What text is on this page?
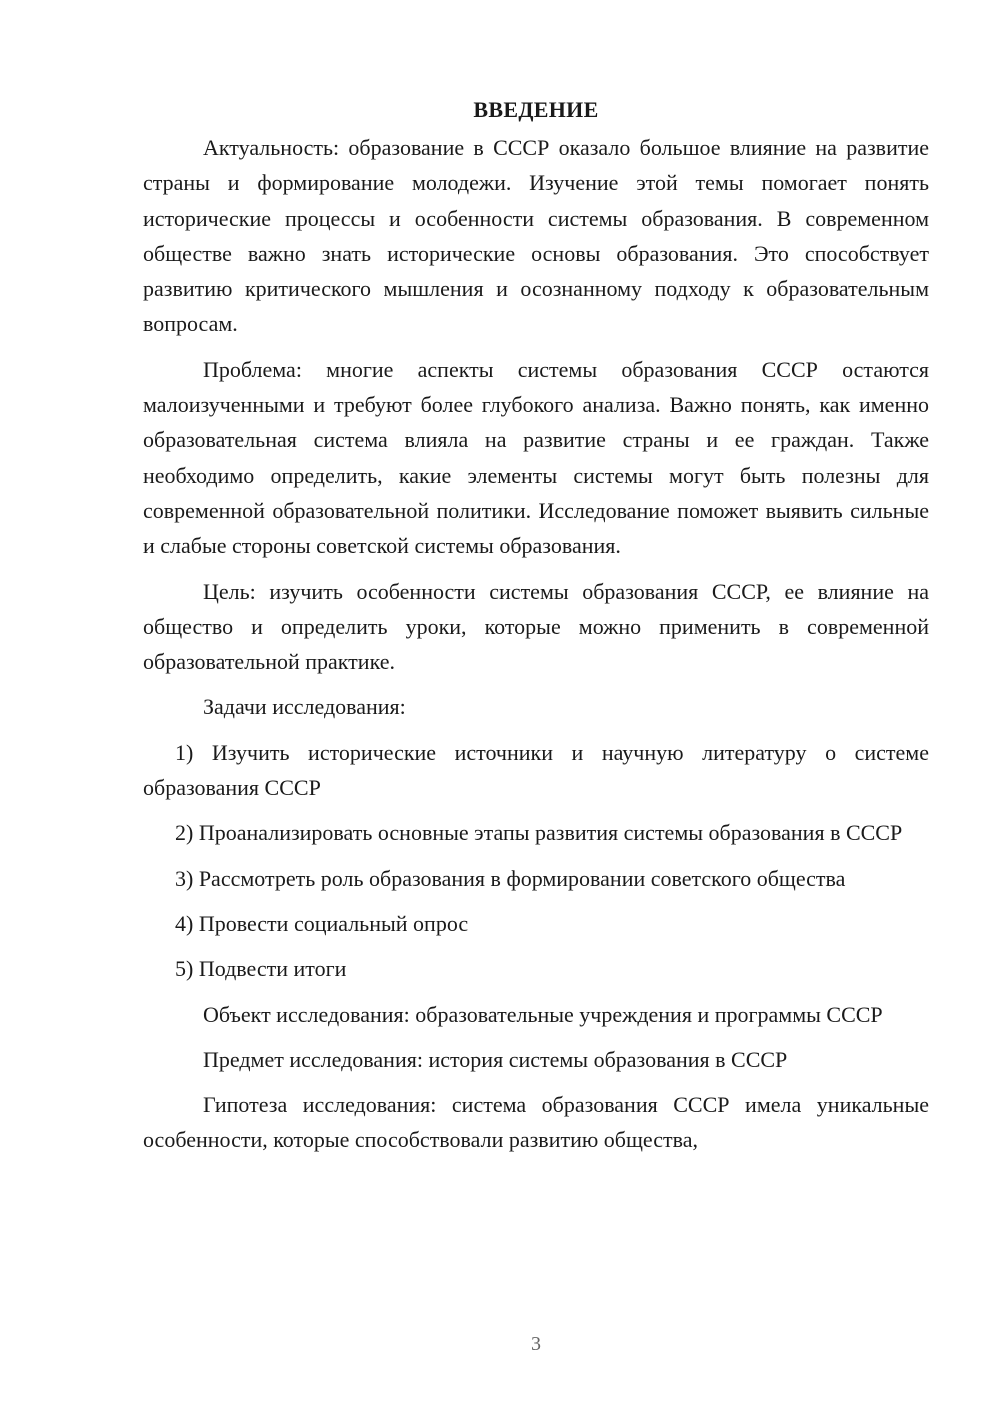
ВВЕДЕНИЕ

Актуальность: образование в СССР оказало большое влияние на развитие страны и формирование молодежи. Изучение этой темы помогает понять исторические процессы и особенности системы образования. В современном обществе важно знать исторические основы образования. Это способствует развитию критического мышления и осознанному подходу к образовательным вопросам.

Проблема: многие аспекты системы образования СССР остаются малоизученными и требуют более глубокого анализа. Важно понять, как именно образовательная система влияла на развитие страны и ее граждан. Также необходимо определить, какие элементы системы могут быть полезны для современной образовательной политики. Исследование поможет выявить сильные и слабые стороны советской системы образования.

Цель: изучить особенности системы образования СССР, ее влияние на общество и определить уроки, которые можно применить в современной образовательной практике.

Задачи исследования:

1) Изучить исторические источники и научную литературу о системе образования СССР

2) Проанализировать основные этапы развития системы образования в СССР

3) Рассмотреть роль образования в формировании советского общества

4) Провести социальный опрос

5) Подвести итоги

Объект исследования: образовательные учреждения и программы СССР

Предмет исследования: история системы образования в СССР

Гипотеза исследования: система образования СССР имела уникальные особенности, которые способствовали развитию общества,

3
